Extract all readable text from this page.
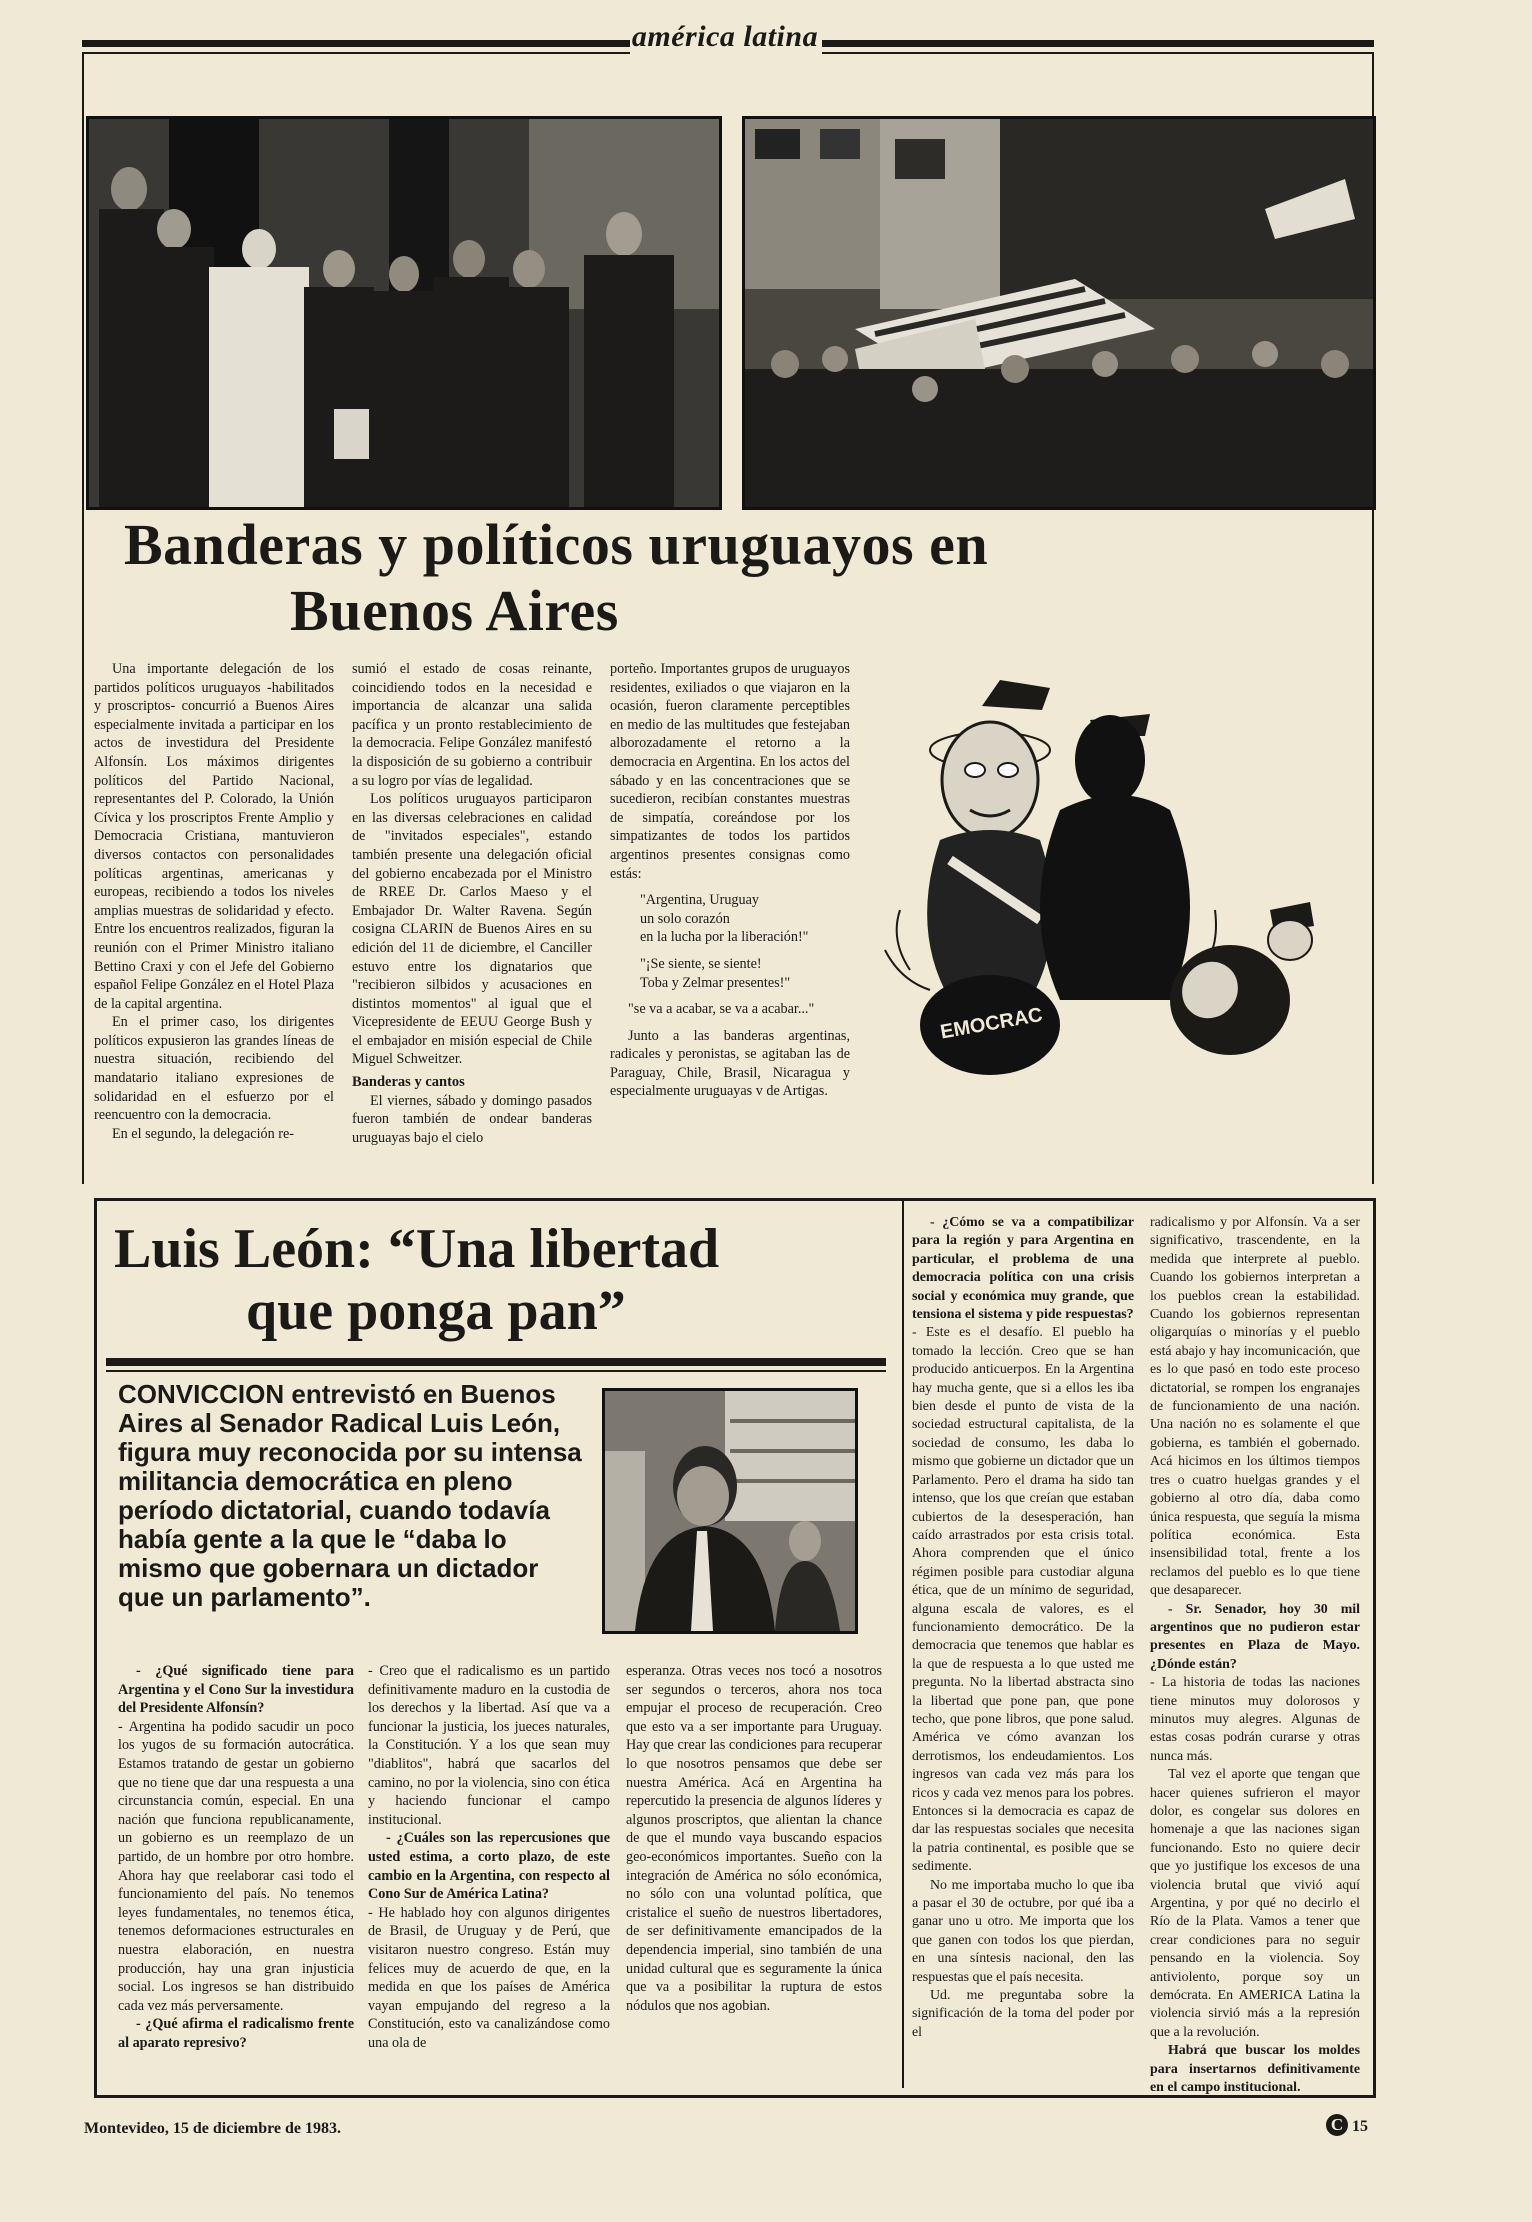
américa latina
Banderas y políticos uruguayos en
Buenos Aires

Una importante delegación de los partidos políticos uruguayos -habilitados y proscriptos- concurrió a Buenos Aires especialmente invitada a participar en los actos de investidura del Presidente Alfonsín. Los máximos dirigentes políticos del Partido Nacional, representantes del P. Colorado, la Unión Cívica y los proscriptos Frente Amplio y Democracia Cristiana, mantuvieron diversos contactos con personalidades políticas argentinas, americanas y europeas, recibiendo a todos los niveles amplias muestras de solidaridad y efecto. Entre los encuentros realizados, figuran la reunión con el Primer Ministro italiano Bettino Craxi y con el Jefe del Gobierno español Felipe González en el Hotel Plaza de la capital argentina.

En el primer caso, los dirigentes políticos expusieron las grandes líneas de nuestra situación, recibiendo del mandatario italiano expresiones de solidaridad en el esfuerzo por el reencuentro con la democracia.

En el segundo, la delegación re-

sumió el estado de cosas reinante, coincidiendo todos en la necesidad e importancia de alcanzar una salida pacífica y un pronto restablecimiento de la democracia. Felipe González manifestó la disposición de su gobierno a contribuir a su logro por vías de legalidad.

Los políticos uruguayos participaron en las diversas celebraciones en calidad de "invitados especiales", estando también presente una delegación oficial del gobierno encabezada por el Ministro de RREE Dr. Carlos Maeso y el Embajador Dr. Walter Ravena. Según cosigna CLARIN de Buenos Aires en su edición del 11 de diciembre, el Canciller estuvo entre los dignatarios que "recibieron silbidos y acusaciones en distintos momentos" al igual que el Vicepresidente de EEUU George Bush y el embajador en misión especial de Chile Miguel Schweitzer.

Banderas y cantos

El viernes, sábado y domingo pasados fueron también de ondear banderas uruguayas bajo el cielo

porteño. Importantes grupos de uruguayos residentes, exiliados o que viajaron en la ocasión, fueron claramente perceptibles en medio de las multitudes que festejaban alborozadamente el retorno a la democracia en Argentina. En los actos del sábado y en las concentraciones que se sucedieron, recibían constantes muestras de simpatía, coreándose por los simpatizantes de todos los partidos argentinos presentes consignas como estás:

"Argentina, Uruguay
un solo corazón
en la lucha por la liberación!"
"¡Se siente, se siente!
Toba y Zelmar presentes!"
"se va a acabar, se va a acabar..."

Junto a las banderas argentinas, radicales y peronistas, se agitaban las de Paraguay, Chile, Brasil, Nicaragua y especialmente uruguayas v de Artigas.

EMOCRAC
Luis León: “Una libertad
que ponga pan”
CONVICCION entrevistó en Buenos Aires al Senador Radical Luis León, figura muy reconocida por su intensa militancia democrática en pleno período dictatorial, cuando todavía había gente a la que le “daba lo mismo que gobernara un dictador que un parlamento”.

- ¿Qué significado tiene para Argentina y el Cono Sur la investidura del Presidente Alfonsín?

- Argentina ha podido sacudir un poco los yugos de su formación autocrática. Estamos tratando de gestar un gobierno que no tiene que dar una respuesta a una circunstancia común, especial. En una nación que funciona republicanamente, un gobierno es un reemplazo de un partido, de un hombre por otro hombre. Ahora hay que reelaborar casi todo el funcionamiento del país. No tenemos leyes fundamentales, no tenemos ética, tenemos deformaciones estructurales en nuestra elaboración, en nuestra producción, hay una gran injusticia social. Los ingresos se han distribuido cada vez más perversamente.

- ¿Qué afirma el radicalismo frente al aparato represivo?

- Creo que el radicalismo es un partido definitivamente maduro en la custodia de los derechos y la libertad. Así que va a funcionar la justicia, los jueces naturales, la Constitución. Y a los que sean muy "diablitos", habrá que sacarlos del camino, no por la violencia, sino con ética y haciendo funcionar el campo institucional.

- ¿Cuáles son las repercusiones que usted estima, a corto plazo, de este cambio en la Argentina, con respecto al Cono Sur de América Latina?

- He hablado hoy con algunos dirigentes de Brasil, de Uruguay y de Perú, que visitaron nuestro congreso. Están muy felices muy de acuerdo de que, en la medida en que los países de América vayan empujando del regreso a la Constitución, esto va canalizándose como una ola de

esperanza. Otras veces nos tocó a nosotros ser segundos o terceros, ahora nos toca empujar el proceso de recuperación. Creo que esto va a ser importante para Uruguay. Hay que crear las condiciones para recuperar lo que nosotros pensamos que debe ser nuestra América. Acá en Argentina ha repercutido la presencia de algunos líderes y algunos proscriptos, que alientan la chance de que el mundo vaya buscando espacios geo-económicos importantes. Sueño con la integración de América no sólo económica, no sólo con una voluntad política, que cristalice el sueño de nuestros libertadores, de ser definitivamente emancipados de la dependencia imperial, sino también de una unidad cultural que es seguramente la única que va a posibilitar la ruptura de estos nódulos que nos agobian.

- ¿Cómo se va a compatibilizar para la región y para Argentina en particular, el problema de una democracia política con una crisis social y económica muy grande, que tensiona el sistema y pide respuestas?

- Este es el desafío. El pueblo ha tomado la lección. Creo que se han producido anticuerpos. En la Argentina hay mucha gente, que si a ellos les iba bien desde el punto de vista de la sociedad estructural capitalista, de la sociedad de consumo, les daba lo mismo que gobierne un dictador que un Parlamento. Pero el drama ha sido tan intenso, que los que creían que estaban cubiertos de la desesperación, han caído arrastrados por esta crisis total. Ahora comprenden que el único régimen posible para custodiar alguna ética, que de un mínimo de seguridad, alguna escala de valores, es el funcionamiento democrático. De la democracia que tenemos que hablar es la que de respuesta a lo que usted me pregunta. No la libertad abstracta sino la libertad que pone pan, que pone techo, que pone libros, que pone salud. América ve cómo avanzan los derrotismos, los endeudamientos. Los ingresos van cada vez más para los ricos y cada vez menos para los pobres. Entonces si la democracia es capaz de dar las respuestas sociales que necesita la patria continental, es posible que se sedimente.

No me importaba mucho lo que iba a pasar el 30 de octubre, por qué iba a ganar uno u otro. Me importa que los que ganen con todos los que pierdan, en una síntesis nacional, den las respuestas que el país necesita.

Ud. me preguntaba sobre la significación de la toma del poder por el

radicalismo y por Alfonsín. Va a ser significativo, trascendente, en la medida que interprete al pueblo. Cuando los gobiernos interpretan a los pueblos crean la estabilidad. Cuando los gobiernos representan oligarquías o minorías y el pueblo está abajo y hay incomunicación, que es lo que pasó en todo este proceso dictatorial, se rompen los engranajes de funcionamiento de una nación. Una nación no es solamente el que gobierna, es también el gobernado. Acá hicimos en los últimos tiempos tres o cuatro huelgas grandes y el gobierno al otro día, daba como única respuesta, que seguía la misma política económica. Esta insensibilidad total, frente a los reclamos del pueblo es lo que tiene que desaparecer.

- Sr. Senador, hoy 30 mil argentinos que no pudieron estar presentes en Plaza de Mayo. ¿Dónde están?

- La historia de todas las naciones tiene minutos muy dolorosos y minutos muy alegres. Algunas de estas cosas podrán curarse y otras nunca más.

Tal vez el aporte que tengan que hacer quienes sufrieron el mayor dolor, es congelar sus dolores en homenaje a que las naciones sigan funcionando. Esto no quiere decir que yo justifique los excesos de una violencia brutal que vivió aquí Argentina, y por qué no decirlo el Río de la Plata. Vamos a tener que crear condiciones para no seguir pensando en la violencia. Soy antiviolento, porque soy un demócrata. En AMERICA Latina la violencia sirvió más a la represión que a la revolución.

Habrá que buscar los moldes para insertarnos definitivamente en el campo institucional.

Montevideo, 15 de diciembre de 1983.	C 15
